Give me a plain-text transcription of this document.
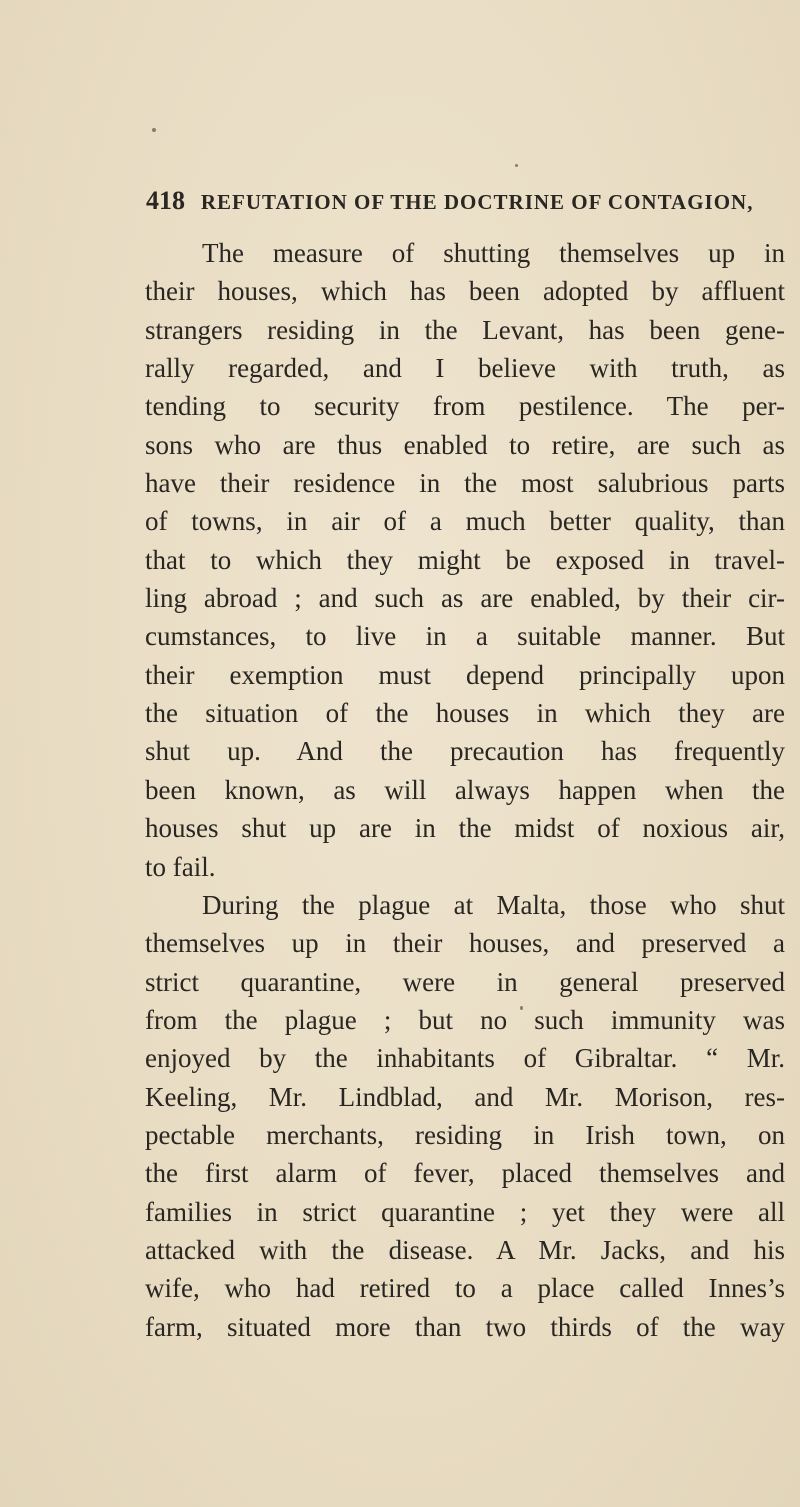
418 REFUTATION OF THE DOCTRINE OF CONTAGION,
The measure of shutting themselves up in
their houses, which has been adopted by affluent
strangers residing in the Levant, has been gene-
rally regarded, and I believe with truth, as
tending to security from pestilence. The per-
sons who are thus enabled to retire, are such as
have their residence in the most salubrious parts
of towns, in air of a much better quality, than
that to which they might be exposed in travel-
ling abroad ; and such as are enabled, by their cir-
cumstances, to live in a suitable manner. But
their exemption must depend principally upon
the situation of the houses in which they are
shut up. And the precaution has frequently
been known, as will always happen when the
houses shut up are in the midst of noxious air,
to fail.
During the plague at Malta, those who shut
themselves up in their houses, and preserved a
strict quarantine, were in general preserved
from the plague ; but no such immunity was
enjoyed by the inhabitants of Gibraltar. “ Mr.
Keeling, Mr. Lindblad, and Mr. Morison, res-
pectable merchants, residing in Irish town, on
the first alarm of fever, placed themselves and
families in strict quarantine ; yet they were all
attacked with the disease. A Mr. Jacks, and his
wife, who had retired to a place called Innes’s
farm, situated more than two thirds of the way
